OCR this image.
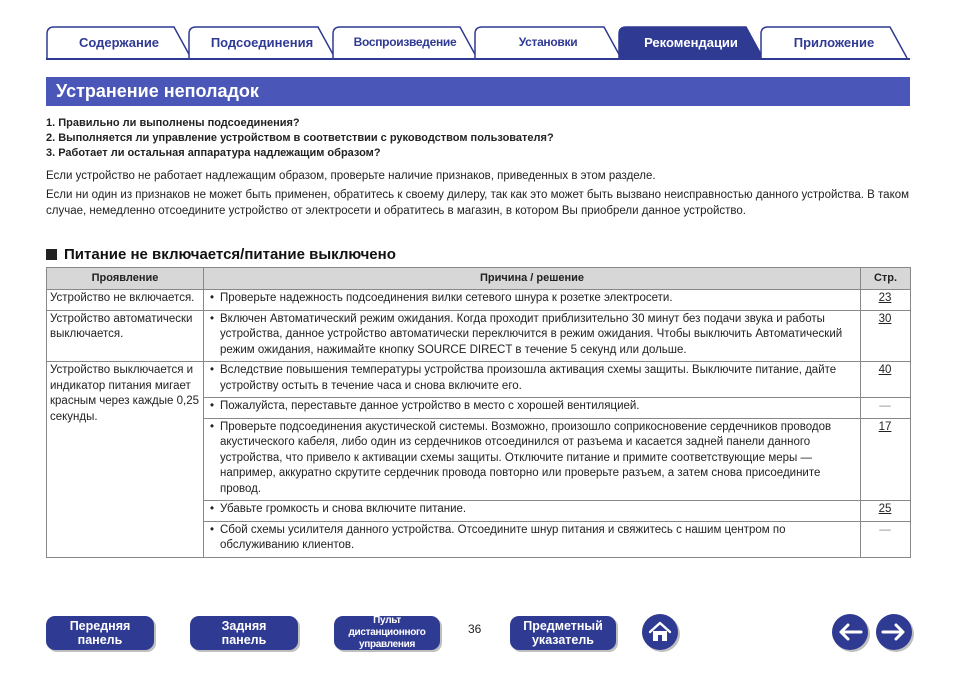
Содержание	Подсоединения	Воспроизведение	Установки	Рекомендации	Приложение
Устранение неполадок
1. Правильно ли выполнены подсоединения?
2. Выполняется ли управление устройством в соответствии с руководством пользователя?
3. Работает ли остальная аппаратура надлежащим образом?

Если устройство не работает надлежащим образом, проверьте наличие признаков, приведенных в этом разделе.

Если ни один из признаков не может быть применен, обратитесь к своему дилеру, так как это может быть вызвано неисправностью данного устройства. В таком случае, немедленно отсоедините устройство от электросети и обратитесь в магазин, в котором Вы приобрели данное устройство.

Питание не включается/питание выключено
Проявление	Причина / решение	Стр.
Устройство не включается.	• Проверьте надежность подсоединения вилки сетевого шнура к розетке электросети.	23
Устройство автоматически выключается.	• Включен Автоматический режим ожидания. Когда проходит приблизительно 30 минут без подачи звука и работы устройства, данное устройство автоматически переключится в режим ожидания. Чтобы выключить Автоматический режим ожидания, нажимайте кнопку SOURCE DIRECT в течение 5 секунд или дольше.	30
Устройство выключается и индикатор питания мигает красным через каждые 0,25 секунды.	• Вследствие повышения температуры устройства произошла активация схемы защиты. Выключите питание, дайте устройству остыть в течение часа и снова включите его.	40
	• Пожалуйста, переставьте данное устройство в место с хорошей вентиляцией.	—
	• Проверьте подсоединения акустической системы. Возможно, произошло соприкосновение сердечников проводов акустического кабеля, либо один из сердечников отсоединился от разъема и касается задней панели данного устройства, что привело к активации схемы защиты. Отключите питание и примите соответствующие меры — например, аккуратно скрутите сердечник провода повторно или проверьте разъем, а затем снова присоедините провод.	17
	• Убавьте громкость и снова включите питание.	25
	• Сбой схемы усилителя данного устройства. Отсоедините шнур питания и свяжитесь с нашим центром по обслуживанию клиентов.	—
Передняя
панель
Задняя
панель
Пульт дистанционного
управления
36	Предметный
указатель
